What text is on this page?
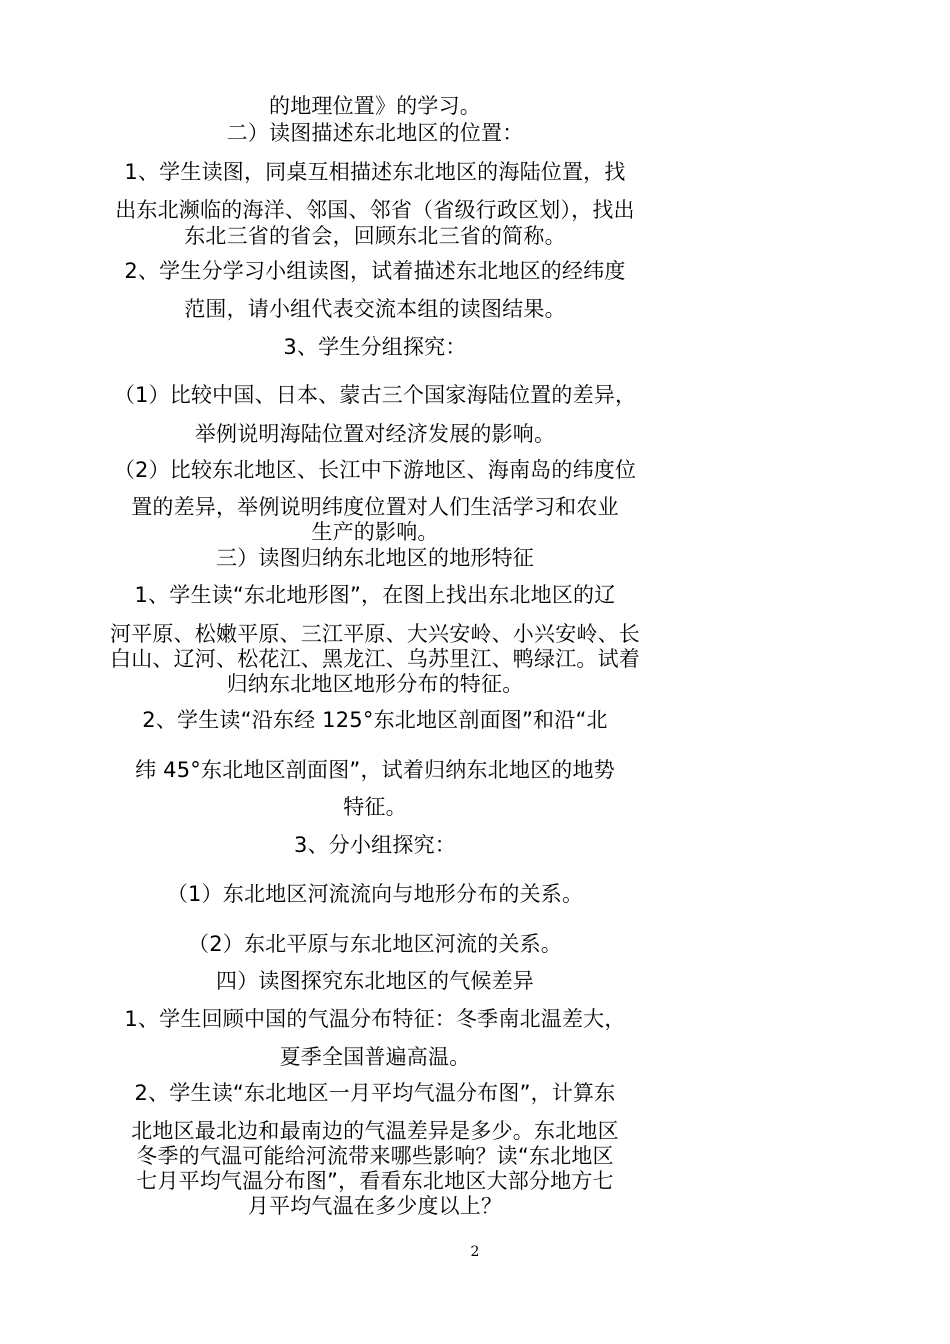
的地理位置》的学习。
二）读图描述东北地区的位置：
1、学生读图，同桌互相描述东北地区的海陆位置，找
出东北濒临的海洋、邻国、邻省（省级行政区划），找出
东北三省的省会，回顾东北三省的简称。
2、学生分学习小组读图，试着描述东北地区的经纬度
范围，请小组代表交流本组的读图结果。
3、学生分组探究：
（1）比较中国、日本、蒙古三个国家海陆位置的差异，
举例说明海陆位置对经济发展的影响。
（2）比较东北地区、长江中下游地区、海南岛的纬度位
置的差异，举例说明纬度位置对人们生活学习和农业
生产的影响。
三）读图归纳东北地区的地形特征
1、学生读“东北地形图”，在图上找出东北地区的辽
河平原、松嫩平原、三江平原、大兴安岭、小兴安岭、长
白山、辽河、松花江、黑龙江、乌苏里江、鸭绿江。试着
归纳东北地区地形分布的特征。
2、学生读“沿东经 125°东北地区剖面图”和沿“北
纬 45°东北地区剖面图”，试着归纳东北地区的地势
特征。
3、分小组探究：
（1）东北地区河流流向与地形分布的关系。
（2）东北平原与东北地区河流的关系。
四）读图探究东北地区的气候差异
1、学生回顾中国的气温分布特征：冬季南北温差大，
夏季全国普遍高温。
2、学生读“东北地区一月平均气温分布图”，计算东
北地区最北边和最南边的气温差异是多少。东北地区
冬季的气温可能给河流带来哪些影响？读“东北地区
七月平均气温分布图”，看看东北地区大部分地方七
月平均气温在多少度以上？
2
